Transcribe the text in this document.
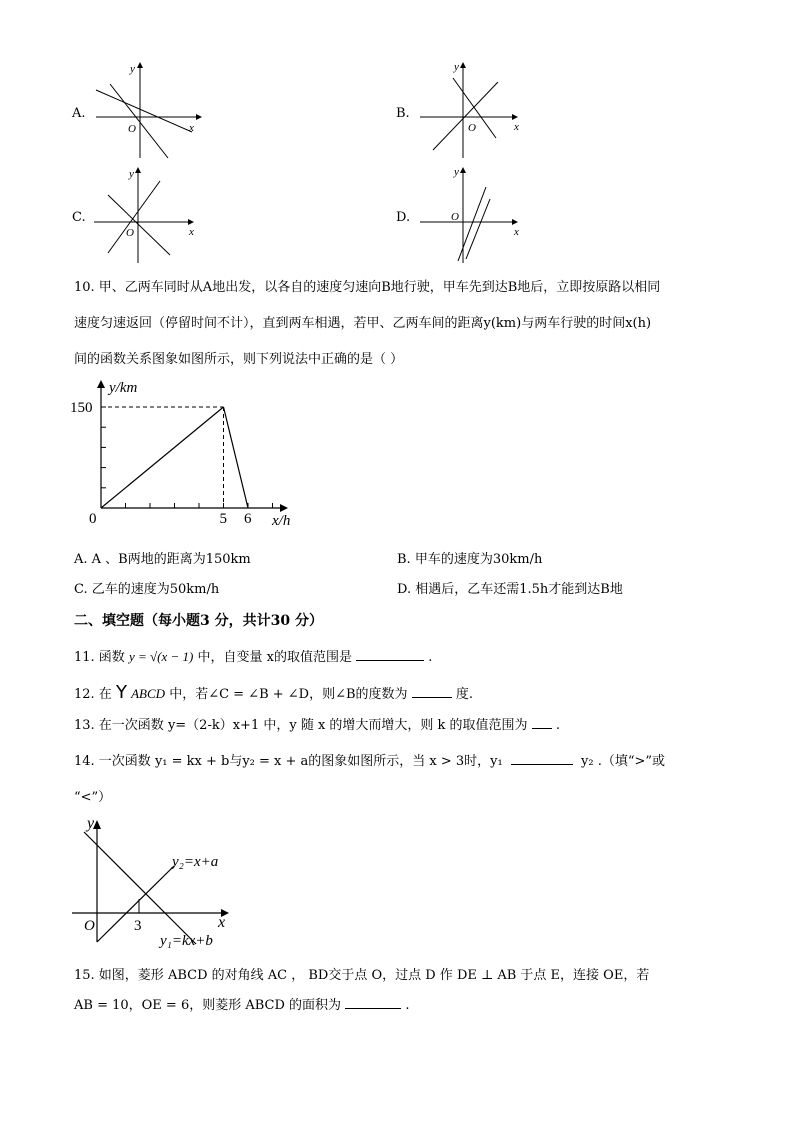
A.
y
x
O
B.
y
x
O
C.
y
x
O
D.
y
x
O
10. 甲、乙两车同时从A地出发，以各自的速度匀速向B地行驶，甲车先到达B地后，立即按原路以相同
速度匀速返回（停留时间不计），直到两车相遇，若甲、乙两车间的距离y(km)与两车行驶的时间x(h)
间的函数关系图象如图所示，则下列说法中正确的是（ ）
y/km
x/h
0
150
5 6
A. A 、B两地的距离为150km	B. 甲车的速度为30km/h
C. 乙车的速度为50km/h	D. 相遇后，乙车还需1.5h才能到达B地
二、填空题（每小题3 分，共计30 分）
11. 函数 y = √(x − 1) 中，自变量 x的取值范围是	.
12. 在 Y ABCD 中，若∠C = ∠B + ∠D，则∠B的度数为	度.
13. 在一次函数 y=（2-k）x+1 中，y 随 x 的增大而增大，则 k 的取值范围为 .
14. 一次函数 y₁ = kx + b与y₂ = x + a的图象如图所示，当 x > 3时，y₁	y₂ .（填“>”或
“<”）
y
x
O	3
y₂=x+a
y₁=kx+b
15. 如图，菱形 ABCD 的对角线 AC ， BD交于点 O，过点 D 作 DE ⊥ AB 于点 E，连接 OE，若
AB = 10，OE = 6，则菱形 ABCD 的面积为	.
